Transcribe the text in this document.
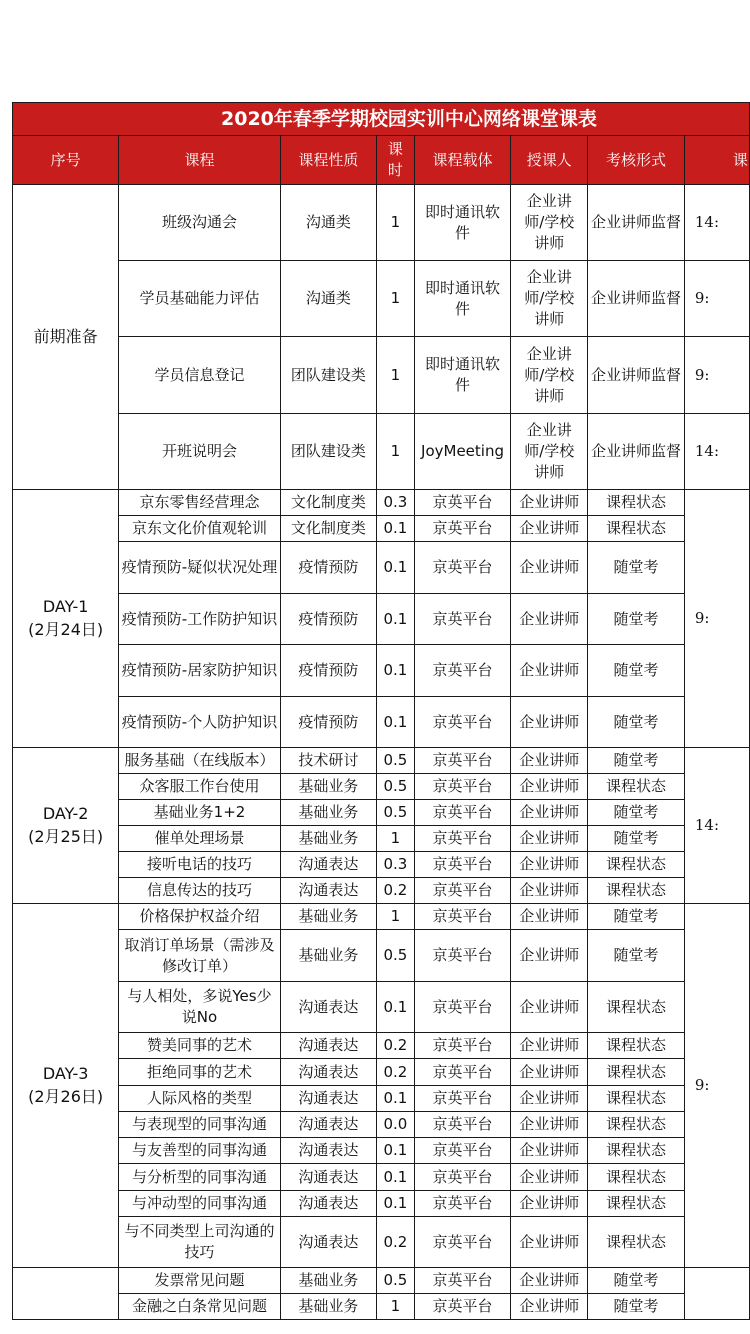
2020年春季学期校园实训中心网络课堂课表							
序号	课程	课程性质	课时	课程载体	授课人	考核形式	课

前期准备	班级沟通会	沟通类	1	即时通讯软件	企业讲师/学校讲师	企业讲师监督	14:
	学员基础能力评估	沟通类	1	即时通讯软件	企业讲师/学校讲师	企业讲师监督	9:
	学员信息登记	团队建设类	1	即时通讯软件	企业讲师/学校讲师	企业讲师监督	9:
	开班说明会	团队建设类	1	JoyMeeting	企业讲师/学校讲师	企业讲师监督	14:

DAY-1
(2月24日)	京东零售经营理念	文化制度类	0.3	京英平台	企业讲师	课程状态	9:
	京东文化价值观轮训	文化制度类	0.1	京英平台	企业讲师	课程状态	
	疫情预防-疑似状况处理	疫情预防	0.1	京英平台	企业讲师	随堂考	
	疫情预防-工作防护知识	疫情预防	0.1	京英平台	企业讲师	随堂考	
	疫情预防-居家防护知识	疫情预防	0.1	京英平台	企业讲师	随堂考	
	疫情预防-个人防护知识	疫情预防	0.1	京英平台	企业讲师	随堂考	

DAY-2
(2月25日)	服务基础（在线版本）	技术研讨	0.5	京英平台	企业讲师	随堂考	14:
	众客服工作台使用	基础业务	0.5	京英平台	企业讲师	课程状态	
	基础业务1+2	基础业务	0.5	京英平台	企业讲师	随堂考	
	催单处理场景	基础业务	1	京英平台	企业讲师	随堂考	
	接听电话的技巧	沟通表达	0.3	京英平台	企业讲师	课程状态	
	信息传达的技巧	沟通表达	0.2	京英平台	企业讲师	课程状态	

DAY-3
(2月26日)	价格保护权益介绍	基础业务	1	京英平台	企业讲师	随堂考	9:
	取消订单场景（需涉及修改订单）	基础业务	0.5	京英平台	企业讲师	随堂考	
	与人相处，多说Yes少说No	沟通表达	0.1	京英平台	企业讲师	课程状态	
	赞美同事的艺术	沟通表达	0.2	京英平台	企业讲师	课程状态	
	拒绝同事的艺术	沟通表达	0.2	京英平台	企业讲师	课程状态	
	人际风格的类型	沟通表达	0.1	京英平台	企业讲师	课程状态	
	与表现型的同事沟通	沟通表达	0.0	京英平台	企业讲师	课程状态	
	与友善型的同事沟通	沟通表达	0.1	京英平台	企业讲师	课程状态	
	与分析型的同事沟通	沟通表达	0.1	京英平台	企业讲师	课程状态	
	与冲动型的同事沟通	沟通表达	0.1	京英平台	企业讲师	课程状态	
	与不同类型上司沟通的技巧	沟通表达	0.2	京英平台	企业讲师	课程状态	

	发票常见问题	基础业务	0.5	京英平台	企业讲师	随堂考	
	金融之白条常见问题	基础业务	1	京英平台	企业讲师	随堂考	
